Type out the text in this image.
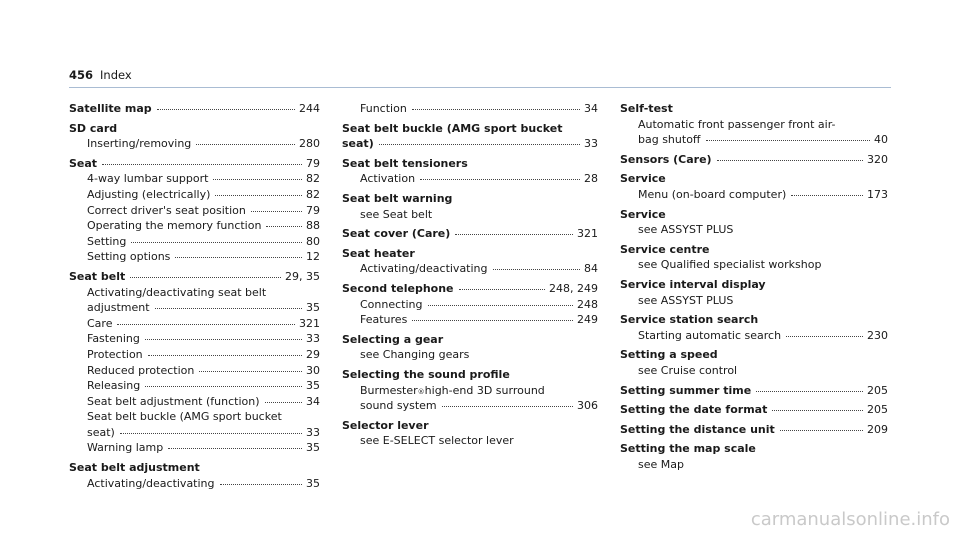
456 Index
Satellite map	244
SD card
Inserting/removing	280
Seat	79
4-way lumbar support	82
Adjusting (electrically)	82
Correct driver's seat position	79
Operating the memory function	88
Setting	80
Setting options	12
Seat belt	29, 35
Activating/deactivating seat belt
adjustment	35
Care	321
Fastening	33
Protection	29
Reduced protection	30
Releasing	35
Seat belt adjustment (function)	34
Seat belt buckle (AMG sport bucket
seat)	33
Warning lamp	35
Seat belt adjustment
Activating/deactivating	35
Function	34
Seat belt buckle (AMG sport bucket
seat)	33
Seat belt tensioners
Activation	28
Seat belt warning
see Seat belt
Seat cover (Care)	321
Seat heater
Activating/deactivating	84
Second telephone	248, 249
Connecting	248
Features	249
Selecting a gear
see Changing gears
Selecting the sound profile
Burmester ® high-end 3D surround
sound system	306
Selector lever
see E-SELECT selector lever
Self-test
Automatic front passenger front air-
bag shutoff	40
Sensors (Care)	320
Service
Menu (on-board computer)	173
Service
see ASSYST PLUS
Service centre
see Qualified specialist workshop
Service interval display
see ASSYST PLUS
Service station search
Starting automatic search	230
Setting a speed
see Cruise control
Setting summer time	205
Setting the date format	205
Setting the distance unit	209
Setting the map scale
see Map
carmanualsonline.info
